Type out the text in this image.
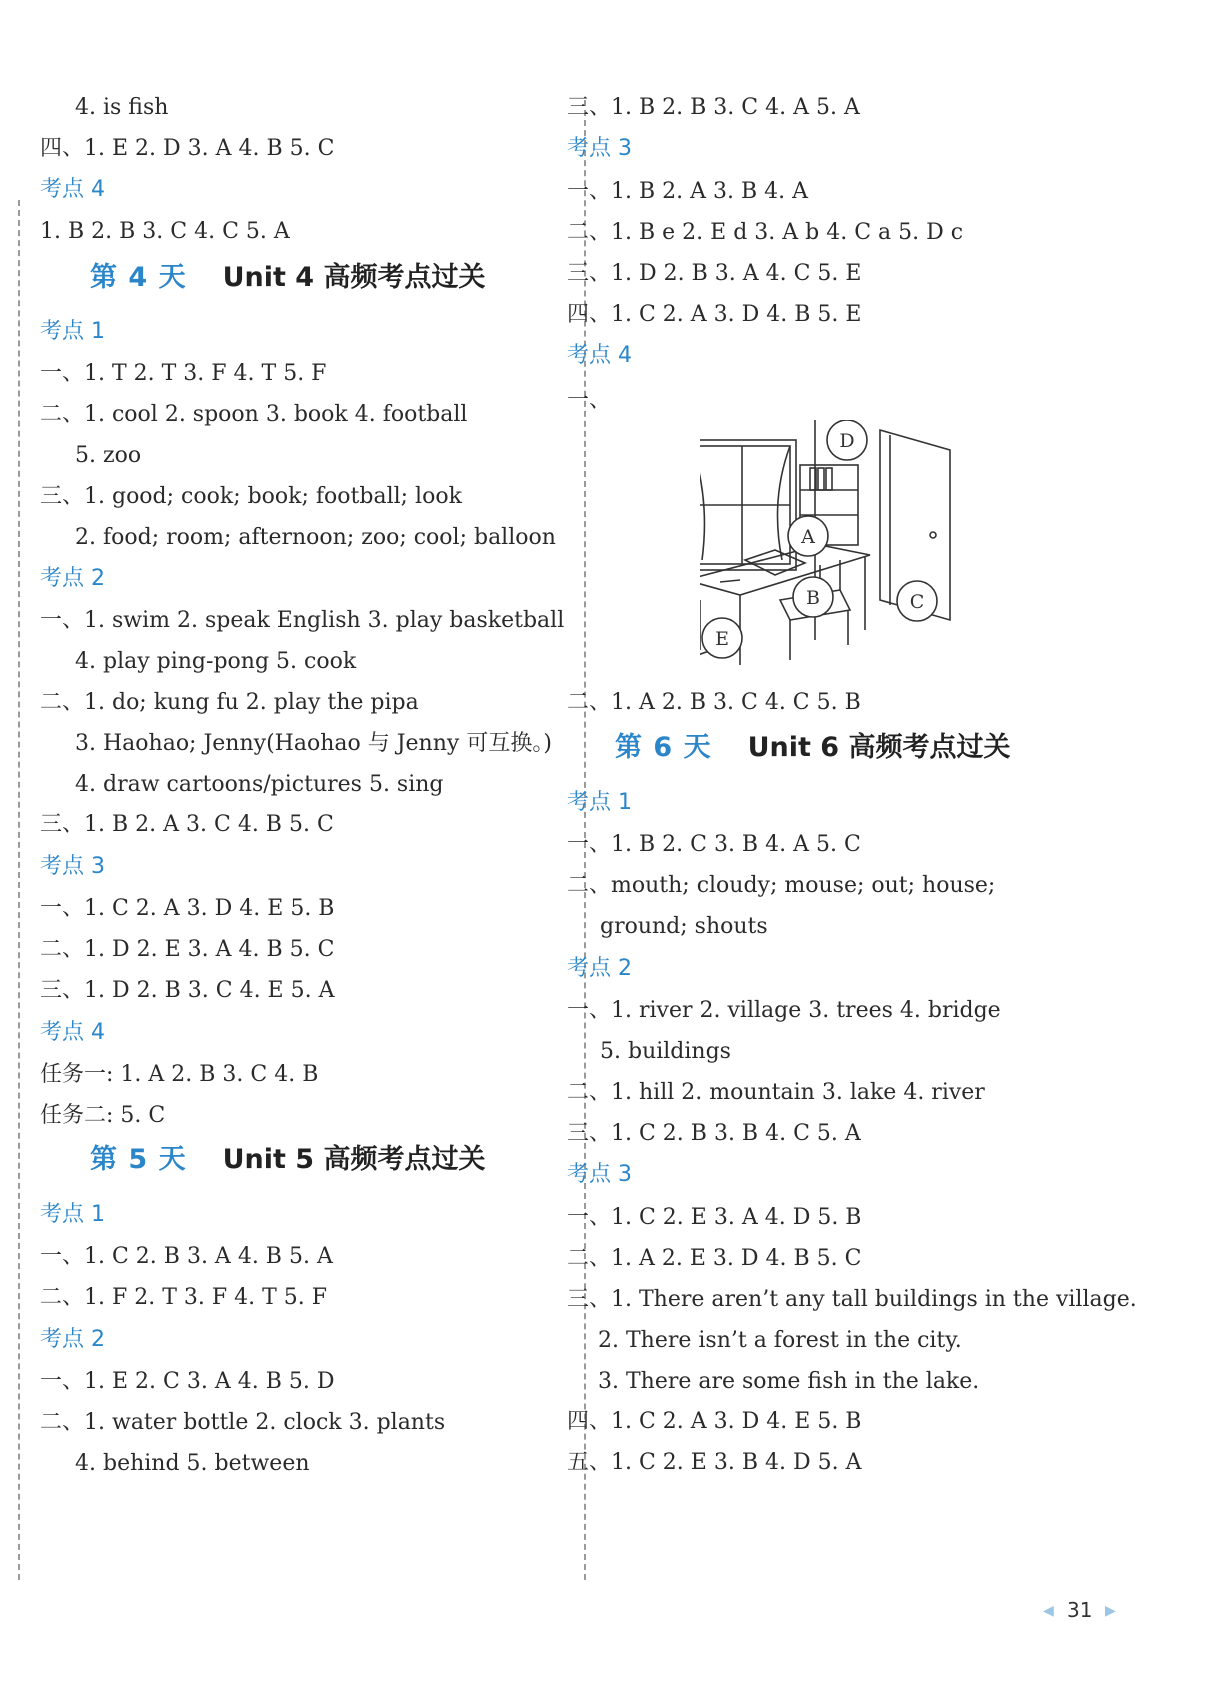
4. is fish
四、1. E 2. D 3. A 4. B 5. C
考点 4
1. B 2. B 3. C 4. C 5. A
第 4 天 Unit 4 高频考点过关
考点 1
一、1. T 2. T 3. F 4. T 5. F
二、1. cool 2. spoon 3. book 4. football
5. zoo
三、1. good; cook; book; football; look
2. food; room; afternoon; zoo; cool; balloon
考点 2
一、1. swim 2. speak English 3. play basketball
4. play ping-pong 5. cook
二、1. do; kung fu 2. play the pipa
3. Haohao; Jenny(Haohao 与 Jenny 可互换。)
4. draw cartoons/pictures 5. sing
三、1. B 2. A 3. C 4. B 5. C
考点 3
一、1. C 2. A 3. D 4. E 5. B
二、1. D 2. E 3. A 4. B 5. C
三、1. D 2. B 3. C 4. E 5. A
考点 4
任务一: 1. A 2. B 3. C 4. B
任务二: 5. C
第 5 天 Unit 5 高频考点过关
考点 1
一、1. C 2. B 3. A 4. B 5. A
二、1. F 2. T 3. F 4. T 5. F
考点 2
一、1. E 2. C 3. A 4. B 5. D
二、1. water bottle 2. clock 3. plants
4. behind 5. between
三、1. B 2. B 3. C 4. A 5. A
考点 3
一、1. B 2. A 3. B 4. A
二、1. B e 2. E d 3. A b 4. C a 5. D c
三、1. D 2. B 3. A 4. C 5. E
四、1. C 2. A 3. D 4. B 5. E
考点 4
一、
D
A
B	C
E
二、1. A 2. B 3. C 4. C 5. B
第 6 天 Unit 6 高频考点过关
考点 1
一、1. B 2. C 3. B 4. A 5. C
二、mouth; cloudy; mouse; out; house;
ground; shouts
考点 2
一、1. river 2. village 3. trees 4. bridge
5. buildings
二、1. hill 2. mountain 3. lake 4. river
三、1. C 2. B 3. B 4. C 5. A
考点 3
一、1. C 2. E 3. A 4. D 5. B
二、1. A 2. E 3. D 4. B 5. C
三、1. There aren’t any tall buildings in the village.
2. There isn’t a forest in the city.
3. There are some fish in the lake.
四、1. C 2. A 3. D 4. E 5. B
五、1. C 2. E 3. B 4. D 5. A
◀ 31 ▶
